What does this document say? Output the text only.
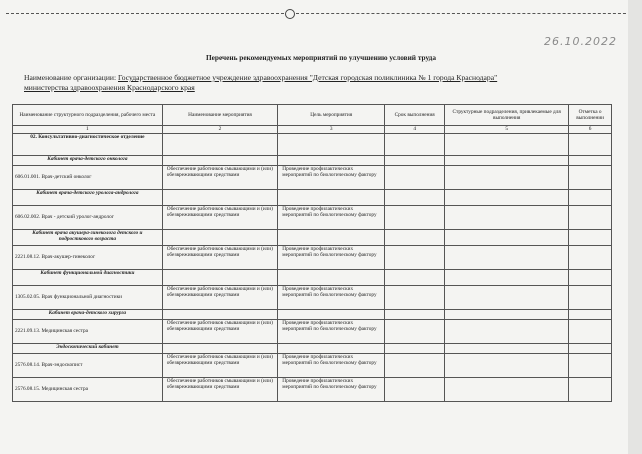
26.10.2022
Перечень рекомендуемых мероприятий по улучшению условий труда
Наименование организации: Государственное бюджетное учреждение здравоохранения "Детская городская поликлиника № 1 города Краснодара"
министерства здравоохранения Краснодарского края
Наименование структурного подразделения, рабочего места	Наименование мероприятия	Цель мероприятия	Срок выполнения	Структурные подразделения, привлекаемые для выполнения	Отметка о выполнении
1	2	3	4	5	6
02. Консультативно-диагностическое отделение					
Кабинет врача-детского онколога					
606.01.001. Врач-детский онколог	Обеспечение работников смывающими и (или) обезвреживающими средствами	Проведение профилактических мероприятий по биологическому фактору			
Кабинет врача-детского уролога-андролога					
606.02.002. Врач - детский уролог-андролог	Обеспечение работников смывающими и (или) обезвреживающими средствами	Проведение профилактических мероприятий по биологическому фактору			
Кабинет врача акушера-гинеколога детского и подросткового возраста					
2221.08.12. Врач-акушер-гинеколог	Обеспечение работников смывающими и (или) обезвреживающими средствами	Проведение профилактических мероприятий по биологическому фактору			
Кабинет функциональной диагностики					
1305.02.05. Врач функциональной диагностики	Обеспечение работников смывающими и (или) обезвреживающими средствами	Проведение профилактических мероприятий по биологическому фактору			
Кабинет врача-детского хирурга					
2221.09.13. Медицинская сестра	Обеспечение работников смывающими и (или) обезвреживающими средствами	Проведение профилактических мероприятий по биологическому фактору			
Эндоскопический кабинет					
2576.08.14. Врач-эндоскопист	Обеспечение работников смывающими и (или) обезвреживающими средствами	Проведение профилактических мероприятий по биологическому фактору			
2576.08.15. Медицинская сестра	Обеспечение работников смывающими и (или) обезвреживающими средствами	Проведение профилактических мероприятий по биологическому фактору			
